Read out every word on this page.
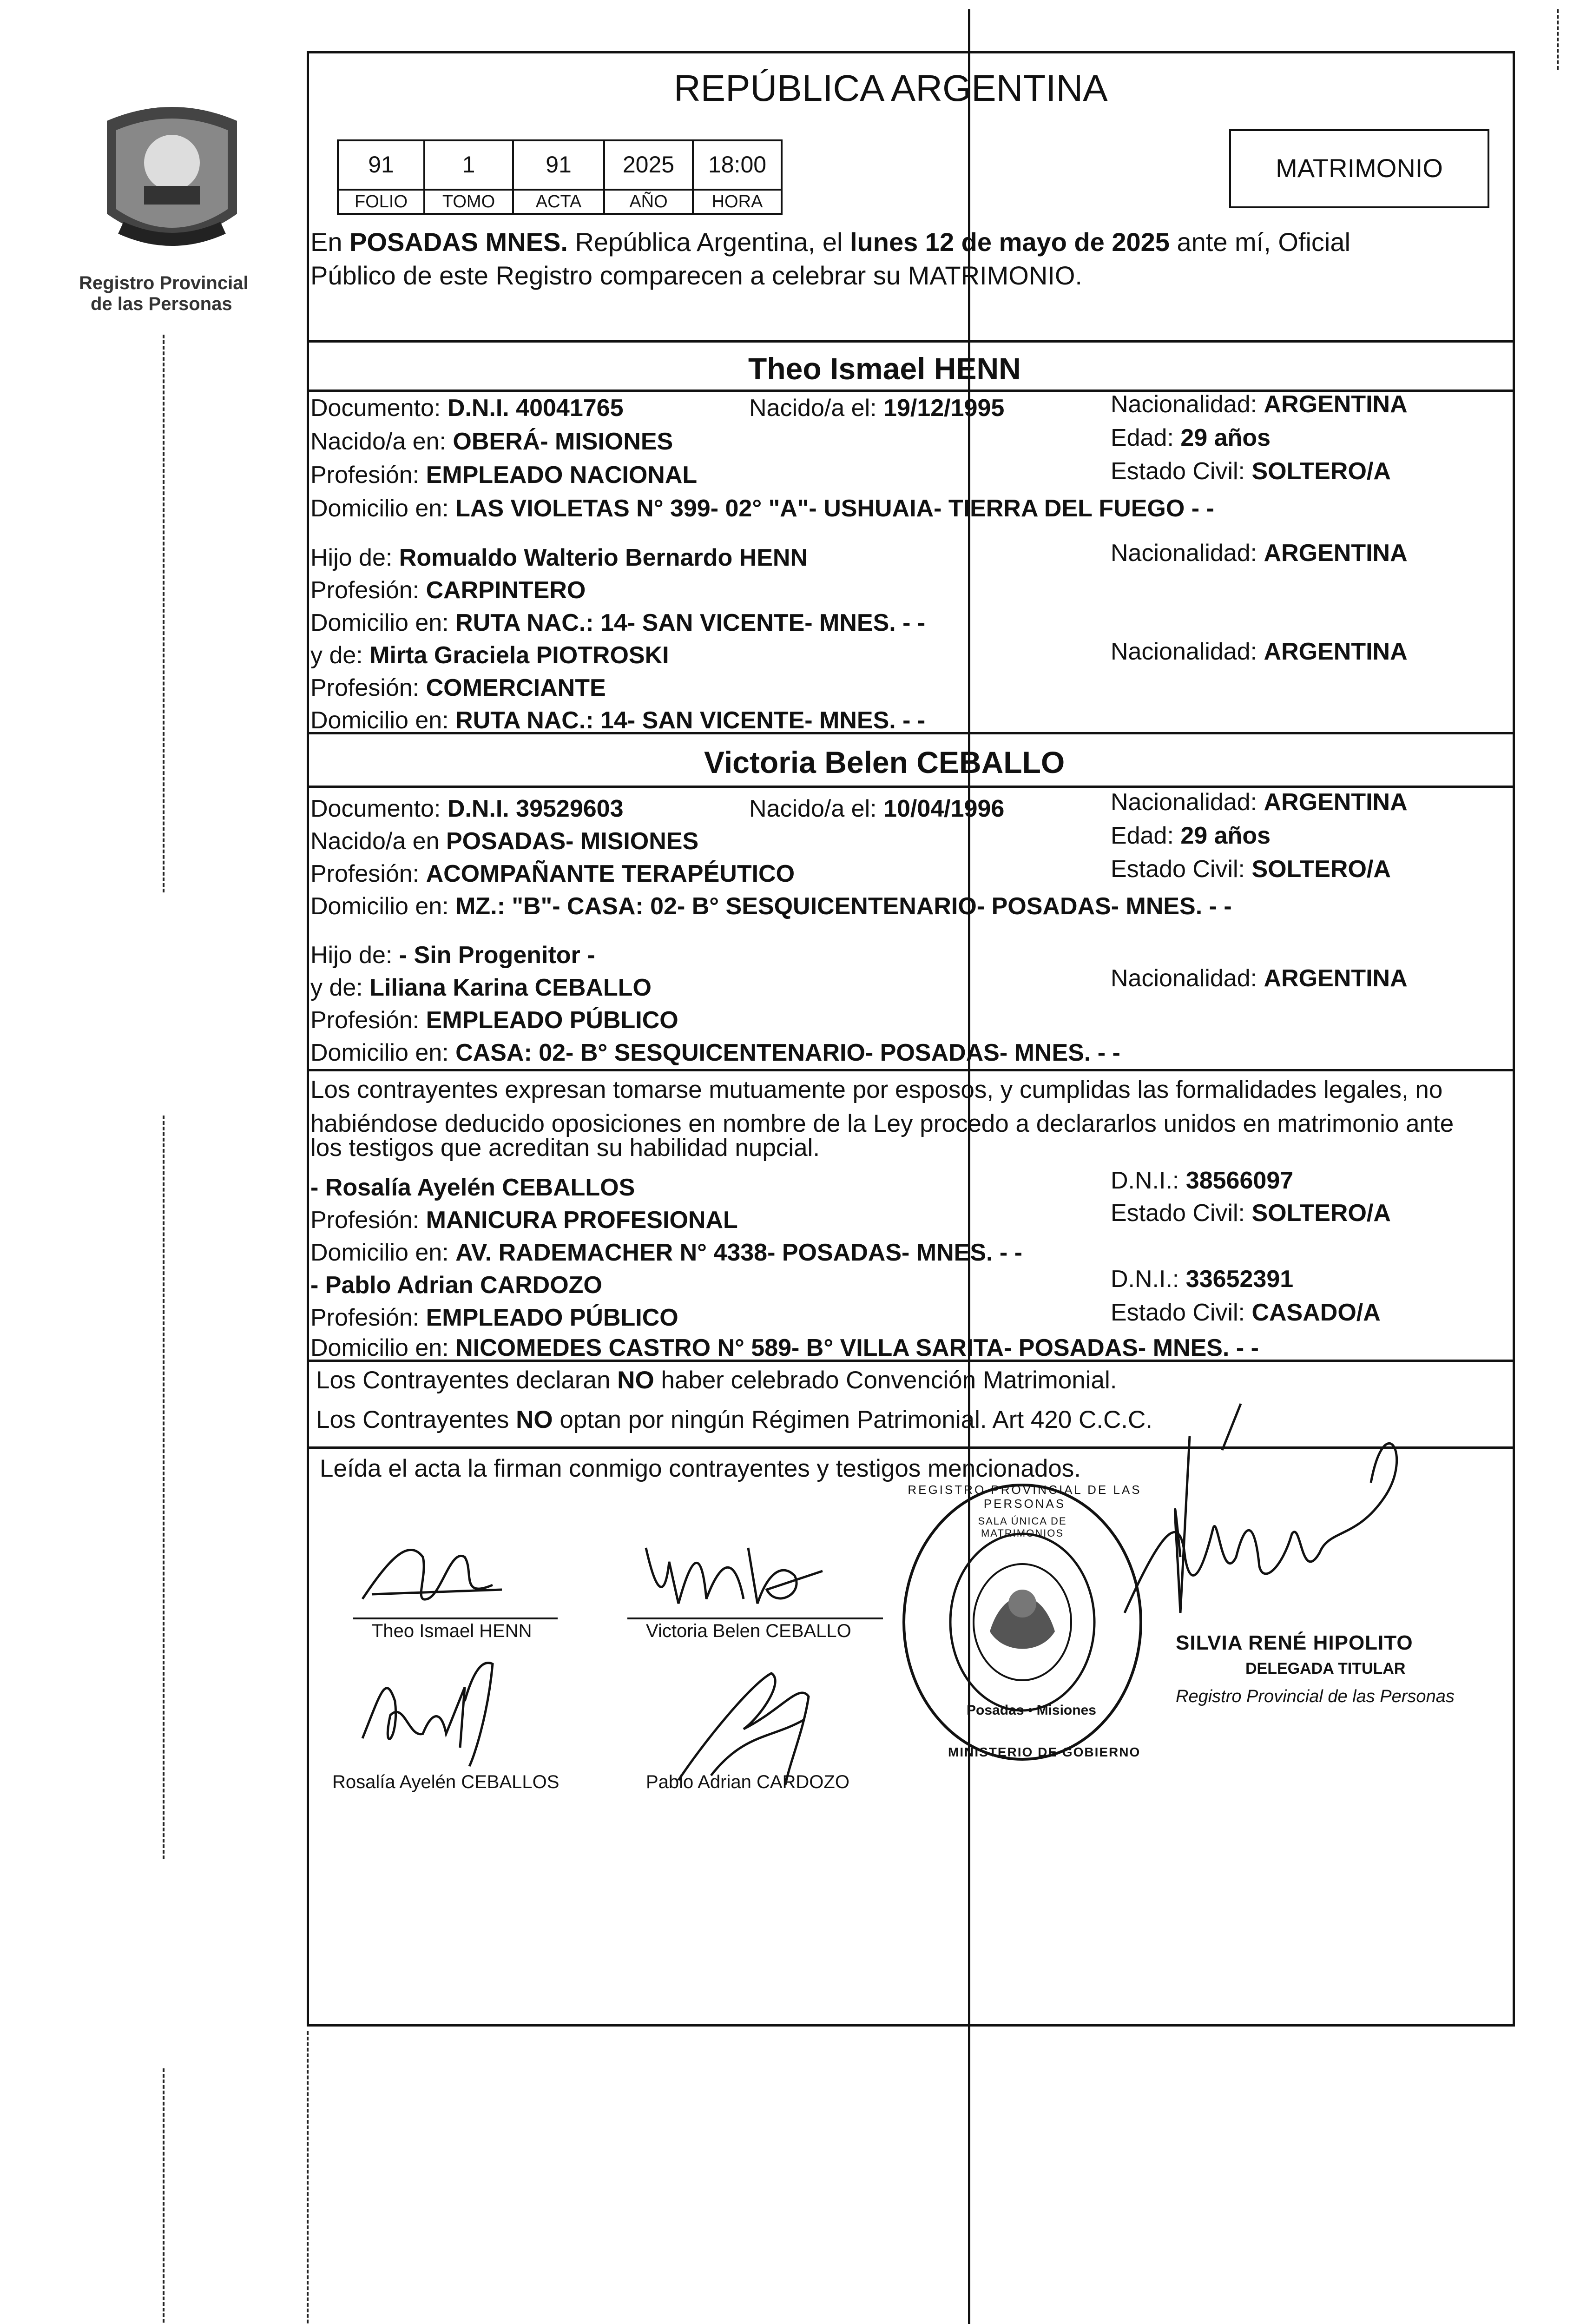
Registro Provincial
de las Personas
REPÚBLICA ARGENTINA
91	1	91	2025	18:00
FOLIO	TOMO	ACTA	AÑO	HORA
MATRIMONIO
En POSADAS MNES. República Argentina, el lunes 12 de mayo de 2025 ante mí, Oficial
Público de este Registro comparecen a celebrar su MATRIMONIO.
Theo Ismael HENN
Documento: D.N.I. 40041765	Nacido/a el: 19/12/1995	Nacionalidad: ARGENTINA
Nacido/a en: OBERÁ- MISIONES	Edad: 29 años
Profesión: EMPLEADO NACIONAL	Estado Civil: SOLTERO/A
Domicilio en: LAS VIOLETAS N° 399- 02° "A"- USHUAIA- TIERRA DEL FUEGO - -
Hijo de: Romualdo Walterio Bernardo HENN	Nacionalidad: ARGENTINA
Profesión: CARPINTERO
Domicilio en: RUTA NAC.: 14- SAN VICENTE- MNES. - -
y de: Mirta Graciela PIOTROSKI	Nacionalidad: ARGENTINA
Profesión: COMERCIANTE
Domicilio en: RUTA NAC.: 14- SAN VICENTE- MNES. - -
Victoria Belen CEBALLO
Documento: D.N.I. 39529603	Nacido/a el: 10/04/1996	Nacionalidad: ARGENTINA
Nacido/a en POSADAS- MISIONES	Edad: 29 años
Profesión: ACOMPAÑANTE TERAPÉUTICO	Estado Civil: SOLTERO/A
Domicilio en: MZ.: "B"- CASA: 02- B° SESQUICENTENARIO- POSADAS- MNES. - -
Hijo de: - Sin Progenitor -
y de: Liliana Karina CEBALLO	Nacionalidad: ARGENTINA
Profesión: EMPLEADO PÚBLICO
Domicilio en: CASA: 02- B° SESQUICENTENARIO- POSADAS- MNES. - -
Los contrayentes expresan tomarse mutuamente por esposos, y cumplidas las formalidades legales, no
habiéndose deducido oposiciones en nombre de la Ley procedo a declararlos unidos en matrimonio ante
los testigos que acreditan su habilidad nupcial.
- Rosalía Ayelén CEBALLOS	D.N.I.: 38566097
Profesión: MANICURA PROFESIONAL	Estado Civil: SOLTERO/A
Domicilio en: AV. RADEMACHER N° 4338- POSADAS- MNES. - -
- Pablo Adrian CARDOZO	D.N.I.: 33652391
Profesión: EMPLEADO PÚBLICO	Estado Civil: CASADO/A
Domicilio en: NICOMEDES CASTRO N° 589- B° VILLA SARITA- POSADAS- MNES. - -
Los Contrayentes declaran NO haber celebrado Convención Matrimonial.
Los Contrayentes NO optan por ningún Régimen Patrimonial. Art 420 C.C.C.
Leída el acta la firman conmigo contrayentes y testigos mencionados.
Theo Ismael HENN	Victoria Belen CEBALLO
Rosalía Ayelén CEBALLOS	Pablo Adrian CARDOZO
SILVIA RENÉ HIPOLITO
DELEGADA TITULAR
Registro Provincial de las Personas
REGISTRO PROVINCIAL DE LAS PERSONAS
SALA ÚNICA DE MATRIMONIOS
Posadas • Misiones
MINISTERIO DE GOBIERNO
